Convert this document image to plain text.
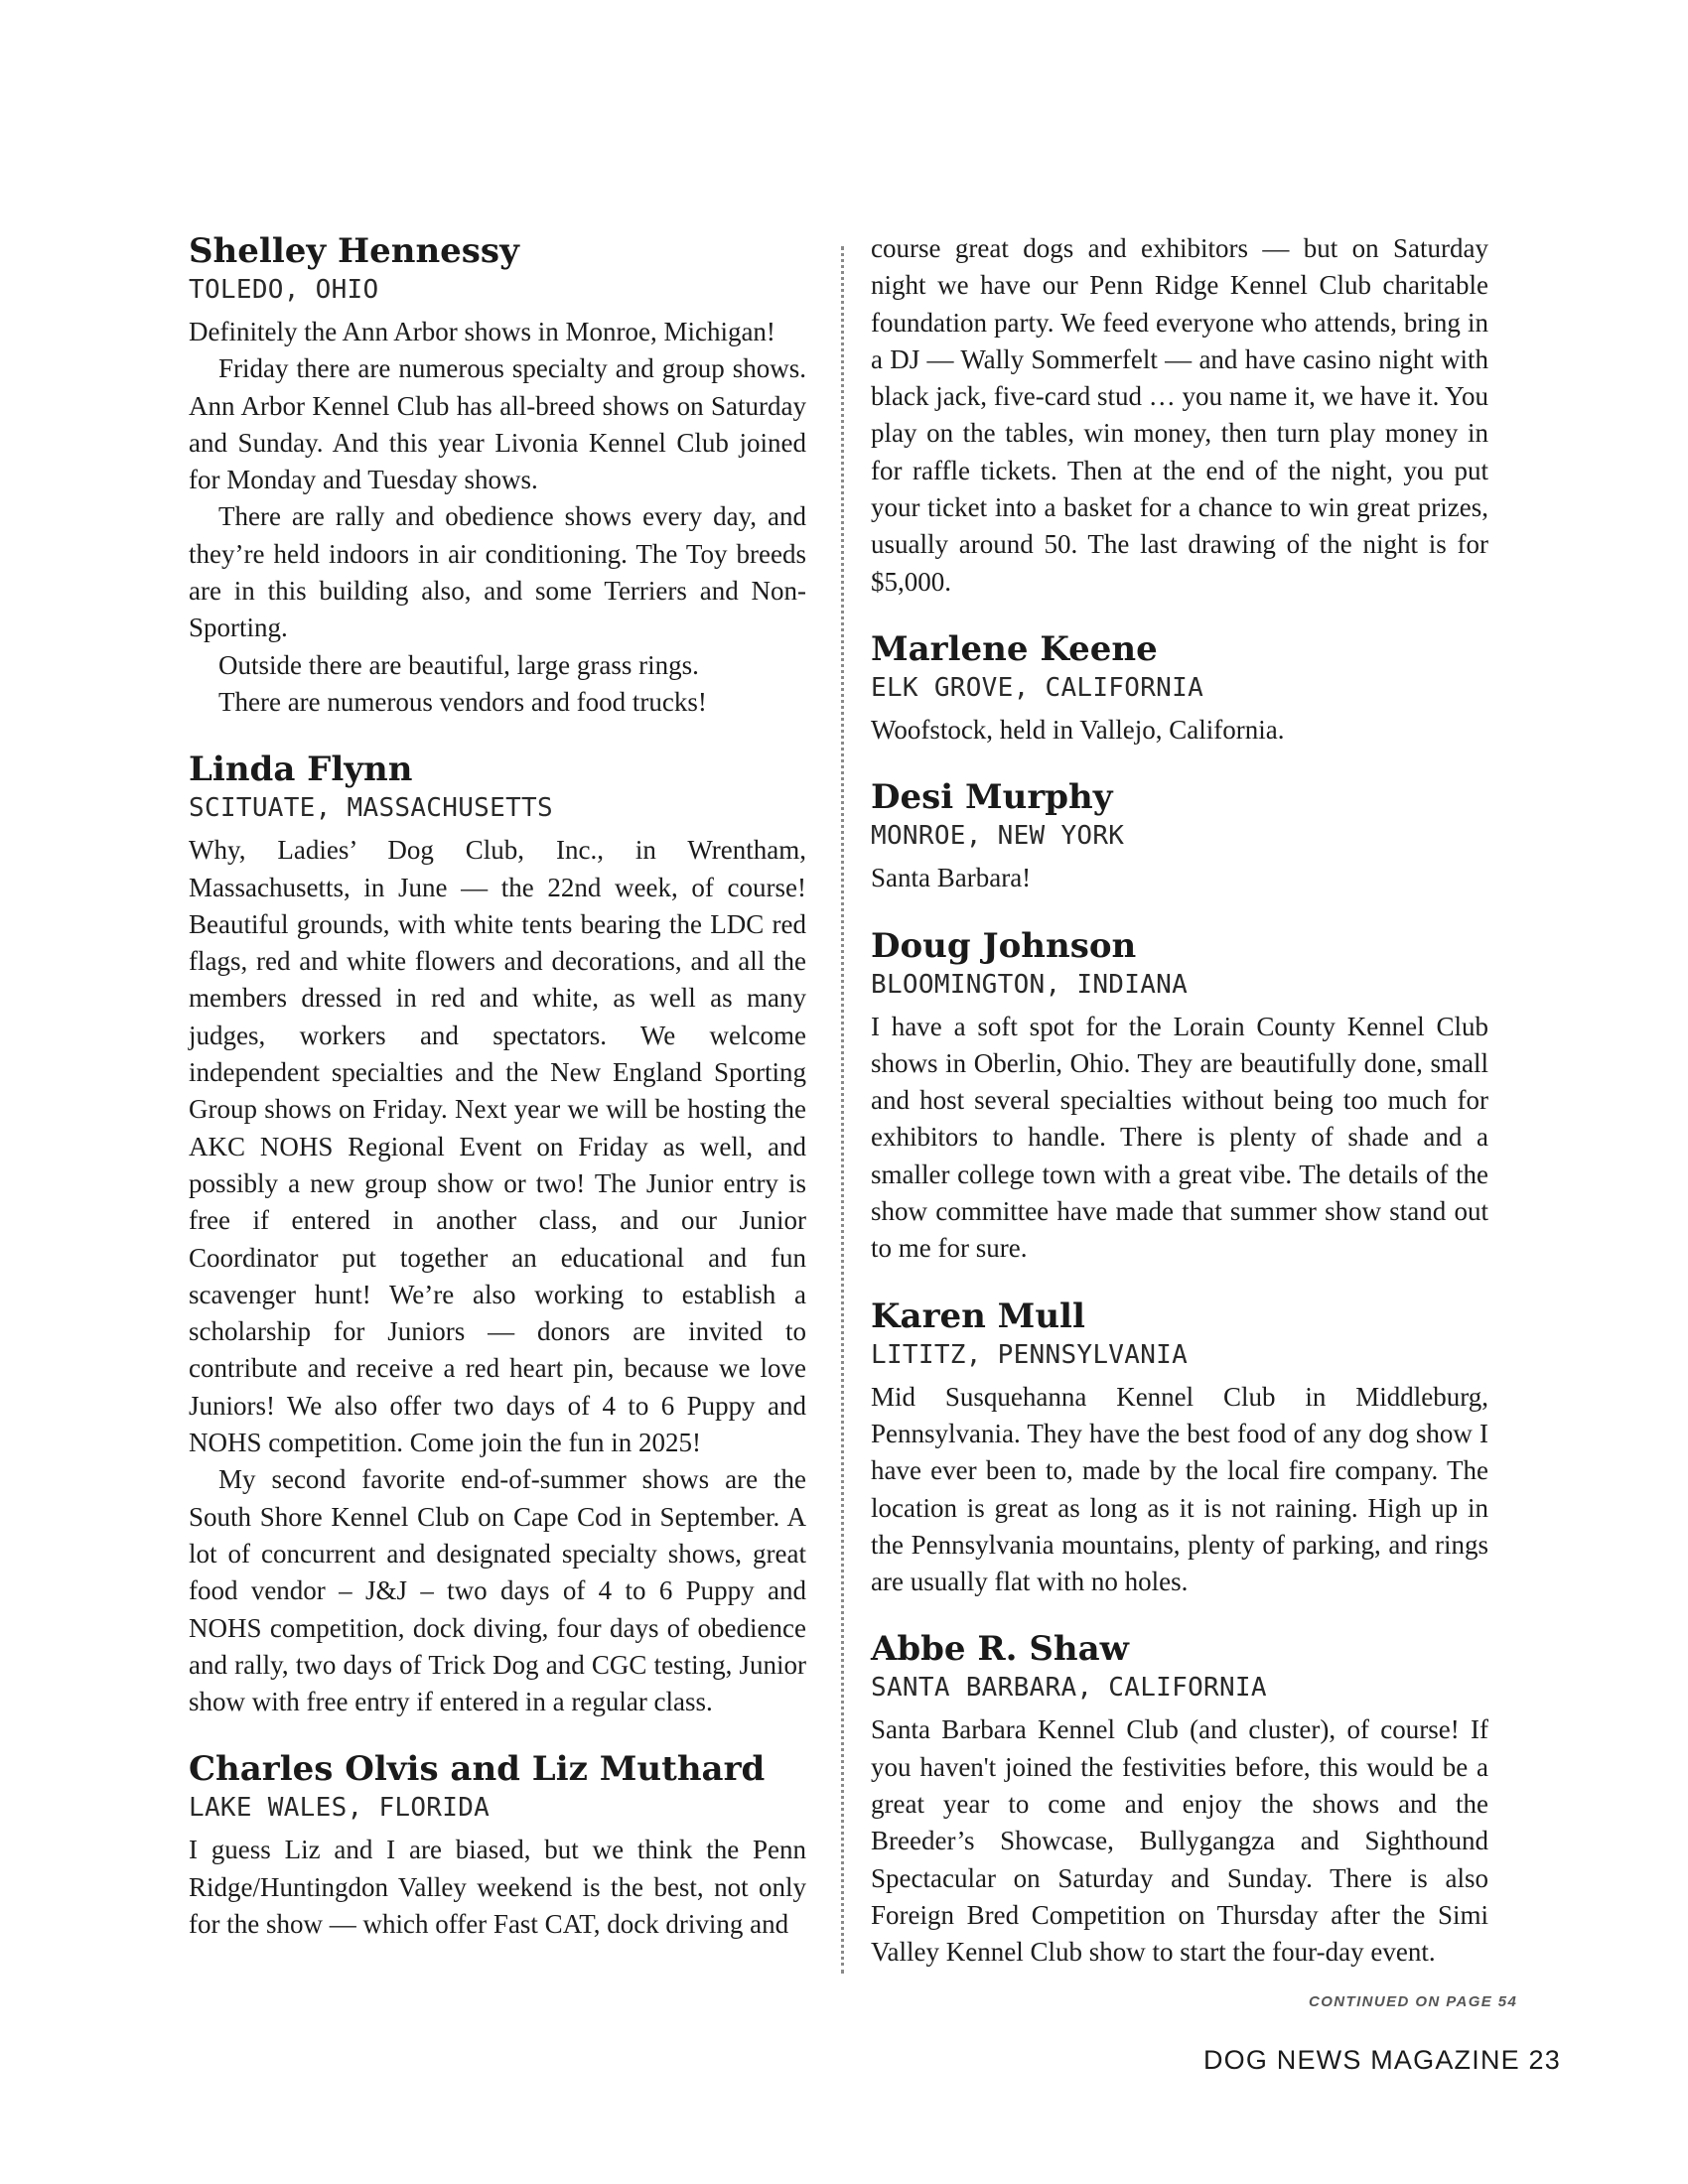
Shelley Hennessy
TOLEDO, OHIO

Definitely the Ann Arbor shows in Monroe, Michigan!

Friday there are numerous specialty and group shows. Ann Arbor Kennel Club has all-breed shows on Saturday and Sunday. And this year Livonia Kennel Club joined for Monday and Tuesday shows.

There are rally and obedience shows every day, and they’re held indoors in air conditioning. The Toy breeds are in this building also, and some Terriers and Non-Sporting.

Outside there are beautiful, large grass rings.

There are numerous vendors and food trucks!

Linda Flynn
SCITUATE, MASSACHUSETTS

Why, Ladies’ Dog Club, Inc., in Wrentham, Massachusetts, in June — the 22nd week, of course! Beautiful grounds, with white tents bearing the LDC red flags, red and white flowers and decorations, and all the members dressed in red and white, as well as many judges, workers and spectators. We welcome independent specialties and the New England Sporting Group shows on Friday. Next year we will be hosting the AKC NOHS Regional Event on Friday as well, and possibly a new group show or two! The Junior entry is free if entered in another class, and our Junior Coordinator put together an educational and fun scavenger hunt! We’re also working to establish a scholarship for Juniors — donors are invited to contribute and receive a red heart pin, because we love Juniors! We also offer two days of 4 to 6 Puppy and NOHS competition. Come join the fun in 2025!

My second favorite end-of-summer shows are the South Shore Kennel Club on Cape Cod in September. A lot of concurrent and designated specialty shows, great food vendor – J&J – two days of 4 to 6 Puppy and NOHS competition, dock diving, four days of obedience and rally, two days of Trick Dog and CGC testing, Junior show with free entry if entered in a regular class.

Charles Olvis and Liz Muthard
LAKE WALES, FLORIDA

I guess Liz and I are biased, but we think the Penn Ridge/Huntingdon Valley weekend is the best, not only for the show — which offer Fast CAT, dock driving and

course great dogs and exhibitors — but on Saturday night we have our Penn Ridge Kennel Club charitable foundation party. We feed everyone who attends, bring in a DJ — Wally Sommerfelt — and have casino night with black jack, five-card stud … you name it, we have it. You play on the tables, win money, then turn play money in for raffle tickets. Then at the end of the night, you put your ticket into a basket for a chance to win great prizes, usually around 50. The last drawing of the night is for $5,000.

Marlene Keene
ELK GROVE, CALIFORNIA

Woofstock, held in Vallejo, California.

Desi Murphy
MONROE, NEW YORK

Santa Barbara!

Doug Johnson
BLOOMINGTON, INDIANA

I have a soft spot for the Lorain County Kennel Club shows in Oberlin, Ohio. They are beautifully done, small and host several specialties without being too much for exhibitors to handle. There is plenty of shade and a smaller college town with a great vibe. The details of the show committee have made that summer show stand out to me for sure.

Karen Mull
LITITZ, PENNSYLVANIA

Mid Susquehanna Kennel Club in Middleburg, Pennsylvania. They have the best food of any dog show I have ever been to, made by the local fire company. The location is great as long as it is not raining. High up in the Pennsylvania mountains, plenty of parking, and rings are usually flat with no holes.

Abbe R. Shaw
SANTA BARBARA, CALIFORNIA

Santa Barbara Kennel Club (and cluster), of course! If you haven't joined the festivities before, this would be a great year to come and enjoy the shows and the Breeder’s Showcase, Bullygangza and Sighthound Spectacular on Saturday and Sunday. There is also Foreign Bred Competition on Thursday after the Simi Valley Kennel Club show to start the four-day event.

CONTINUED ON PAGE 54
DOG NEWS MAGAZINE 23
